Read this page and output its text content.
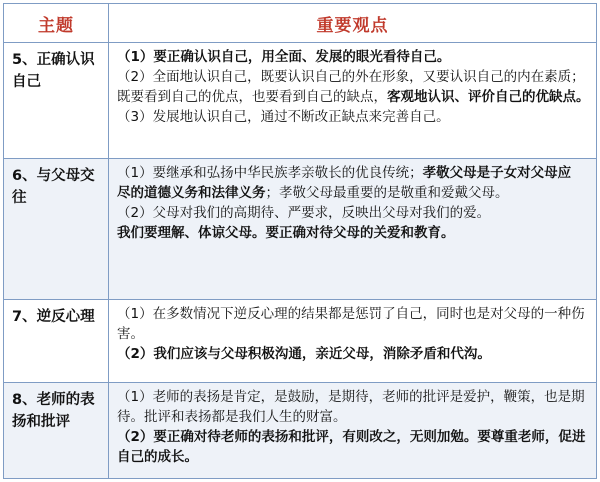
主题	重要观点
5、正确认识自己	（1）要正确认识自己，用全面、发展的眼光看待自己。

（2）全面地认识自己，既要认识自己的外在形象，又要认识自己的内在素质；既要看到自己的优点，也要看到自己的缺点，客观地认识、评价自己的优缺点。

（3）发展地认识自己，通过不断改正缺点来完善自己。

6、与父母交往	（1）要继承和弘扬中华民族孝亲敬长的优良传统；孝敬父母是子女对父母应
尽的道德义务和法律义务；孝敬父母最重要的是敬重和爱戴父母。

（2）父母对我们的高期待、严要求，反映出父母对我们的爱。
我们要理解、体谅父母。要正确对待父母的关爱和教育。

7、逆反心理	（1）在多数情况下逆反心理的结果都是惩罚了自己，同时也是对父母的一种伤害。

（2）我们应该与父母积极沟通，亲近父母，消除矛盾和代沟。

8、老师的表扬和批评	（1）老师的表扬是肯定，是鼓励，是期待，老师的批评是爱护，鞭策，也是期待。批评和表扬都是我们人生的财富。

（2）要正确对待老师的表扬和批评，有则改之，无则加勉。要尊重老师，促进自己的成长。
